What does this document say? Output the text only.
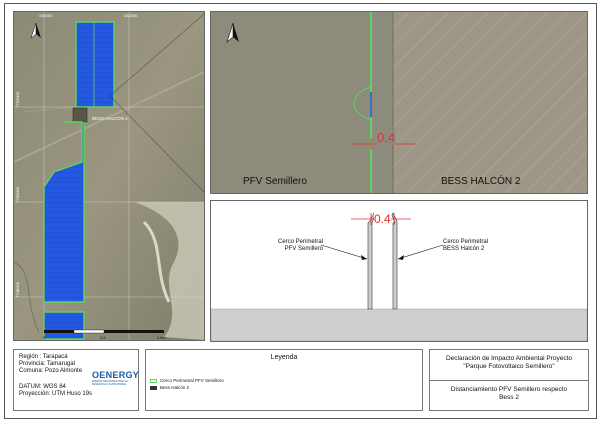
430000	432000
7752000
7750000
7748000
BESS HALCÓN 2
0	0,5	1 km
0.4
PFV Semillero	BESS HALCÓN 2
0.4
Cerco Perimetral
PFV Semillero
Cerco Perimetral
BESS Halcón 2
Región : Tarapacá
Provincia: Tamarugal
Comuna: Pozo Almonte
DATUM: WGS 84
Proyección: UTM Huso 19s
OENERGY
ENERGÍA RENOVABLE PARA EL DESARROLLO SUSTENTABLE
Leyenda
Cerco Perimetral PFV Semillero
Bess Halcón 2
Declaración de Impacto Ambiental Proyecto
"Parque Fotovoltaico Semillero"
Distanciamiento PFV Semillero respecto
Bess 2
